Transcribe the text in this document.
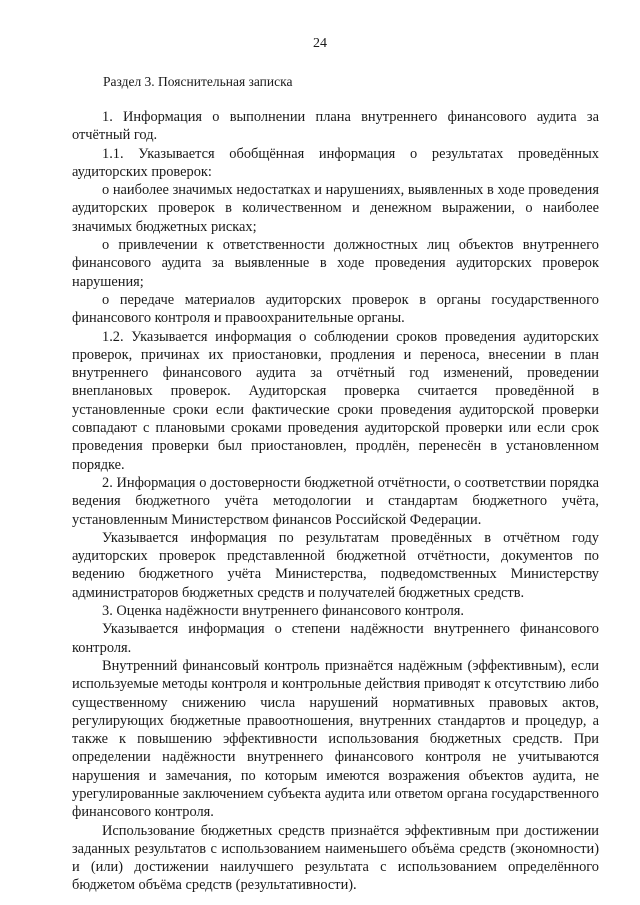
24
Раздел 3. Пояснительная записка

1. Информация о выполнении плана внутреннего финансового аудита за отчётный год.

1.1. Указывается обобщённая информация о результатах проведённых аудиторских проверок:

о наиболее значимых недостатках и нарушениях, выявленных в ходе проведения аудиторских проверок в количественном и денежном выражении, о наиболее значимых бюджетных рисках;

о привлечении к ответственности должностных лиц объектов внутреннего финансового аудита за выявленные в ходе проведения аудиторских проверок нарушения;

о передаче материалов аудиторских проверок в органы государственного финансового контроля и правоохранительные органы.

1.2. Указывается информация о соблюдении сроков проведения аудиторских проверок, причинах их приостановки, продления и переноса, внесении в план внутреннего финансового аудита за отчётный год изменений, проведении внеплановых проверок. Аудиторская проверка считается проведённой в установленные сроки если фактические сроки проведения аудиторской проверки совпадают с плановыми сроками проведения аудиторской проверки или если срок проведения проверки был приостановлен, продлён, перенесён в установленном порядке.

2. Информация о достоверности бюджетной отчётности, о соответствии порядка ведения бюджетного учёта методологии и стандартам бюджетного учёта, установленным Министерством финансов Российской Федерации.

Указывается информация по результатам проведённых в отчётном году аудиторских проверок представленной бюджетной отчётности, документов по ведению бюджетного учёта Министерства, подведомственных Министерству администраторов бюджетных средств и получателей бюджетных средств.

3. Оценка надёжности внутреннего финансового контроля.

Указывается информация о степени надёжности внутреннего финансового контроля.

Внутренний финансовый контроль признаётся надёжным (эффективным), если используемые методы контроля и контрольные действия приводят к отсутствию либо существенному снижению числа нарушений нормативных правовых актов, регулирующих бюджетные правоотношения, внутренних стандартов и процедур, а также к повышению эффективности использования бюджетных средств. При определении надёжности внутреннего финансового контроля не учитываются нарушения и замечания, по которым имеются возражения объектов аудита, не урегулированные заключением субъекта аудита или ответом органа государственного финансового контроля.

Использование бюджетных средств признаётся эффективным при достижении заданных результатов с использованием наименьшего объёма средств (экономности) и (или) достижении наилучшего результата с использованием определённого бюджетом объёма средств (результативности).
